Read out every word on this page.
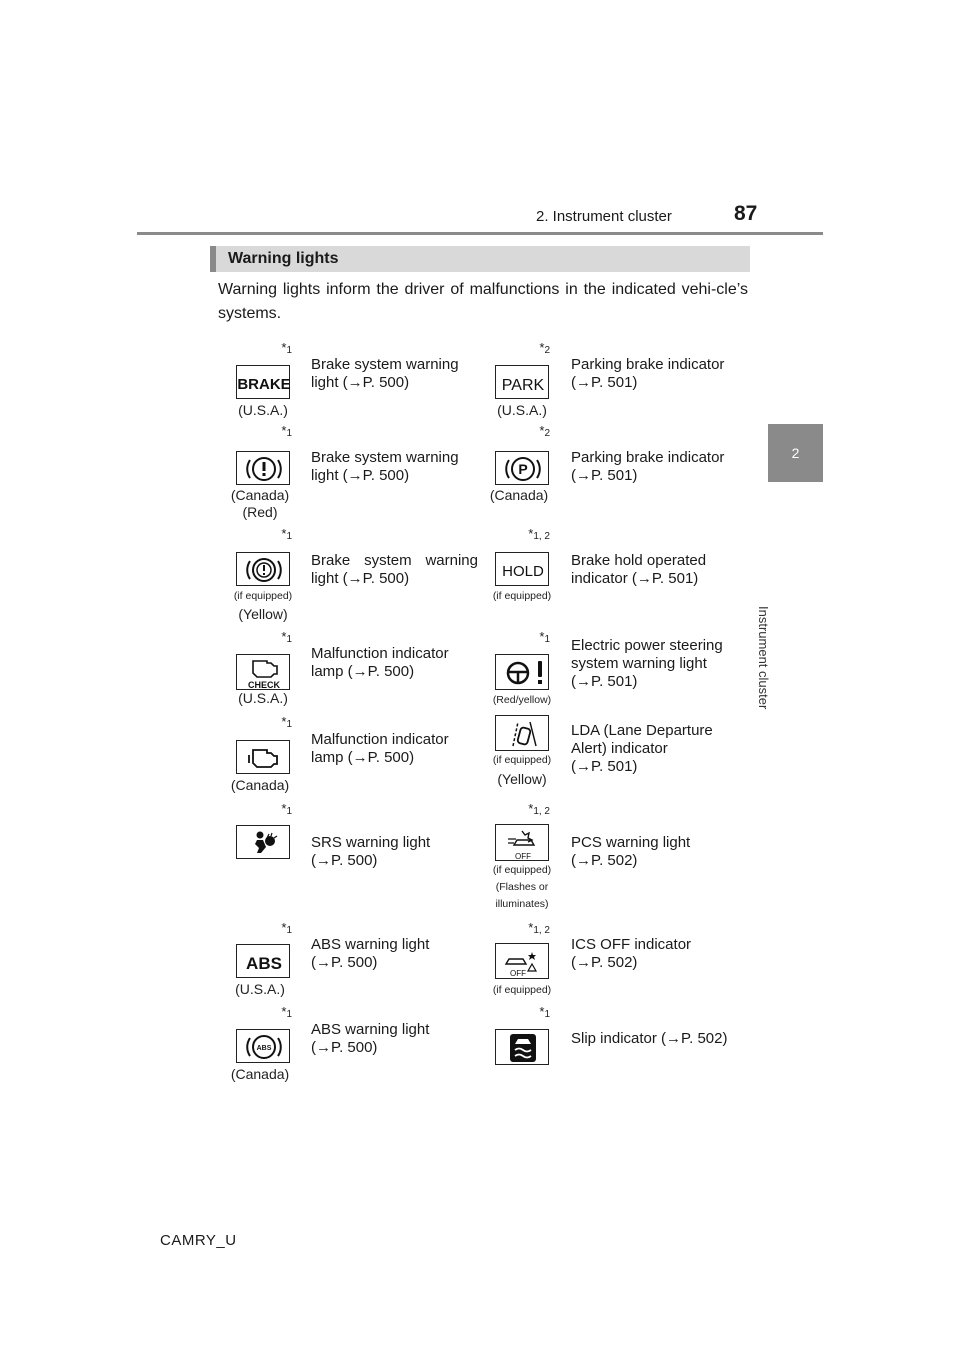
2. Instrument cluster	87
2
Instrument cluster
Warning lights
Warning lights inform the driver of malfunctions in the indicated vehi-cle’s systems.
$*_1$
BRAKE
(U.S.A.)
Brake system warning
light (→P. 500)
$*_2$
PARK
(U.S.A.)
Parking brake indicator
(→P. 501)
$*_1$
(Canada)
(Red)
Brake system warning
light (→P. 500)
$*_2$
P
(Canada)
Parking brake indicator
(→P. 501)
$*_1$
(if equipped)
(Yellow)
Brake system warning
light (→P. 500)
$*_{1, 2}$
HOLD
(if equipped)
Brake hold operated
indicator (→P. 501)
$*_1$
CHECK
(U.S.A.)
Malfunction indicator
lamp (→P. 500)
$*_1$
(Red/yellow)
Electric power steering
system warning light
(→P. 501)
$*_1$
(Canada)
Malfunction indicator
lamp (→P. 500)	(if equipped)
(Yellow)
LDA (Lane Departure
Alert) indicator
(→P. 501)
$*_1$
SRS warning light
(→P. 500)
$*_{1, 2}$
OFF
(if equipped)
(Flashes or
illuminates)
PCS warning light
(→P. 502)
$*_1$
ABS
(U.S.A.)
ABS warning light
(→P. 500)
$*_{1, 2}$
OFF
(if equipped)
ICS OFF indicator
(→P. 502)
$*_1$
ABS
(Canada)
ABS warning light
(→P. 500)
$*_1$
Slip indicator (→P. 502)
CAMRY_U
